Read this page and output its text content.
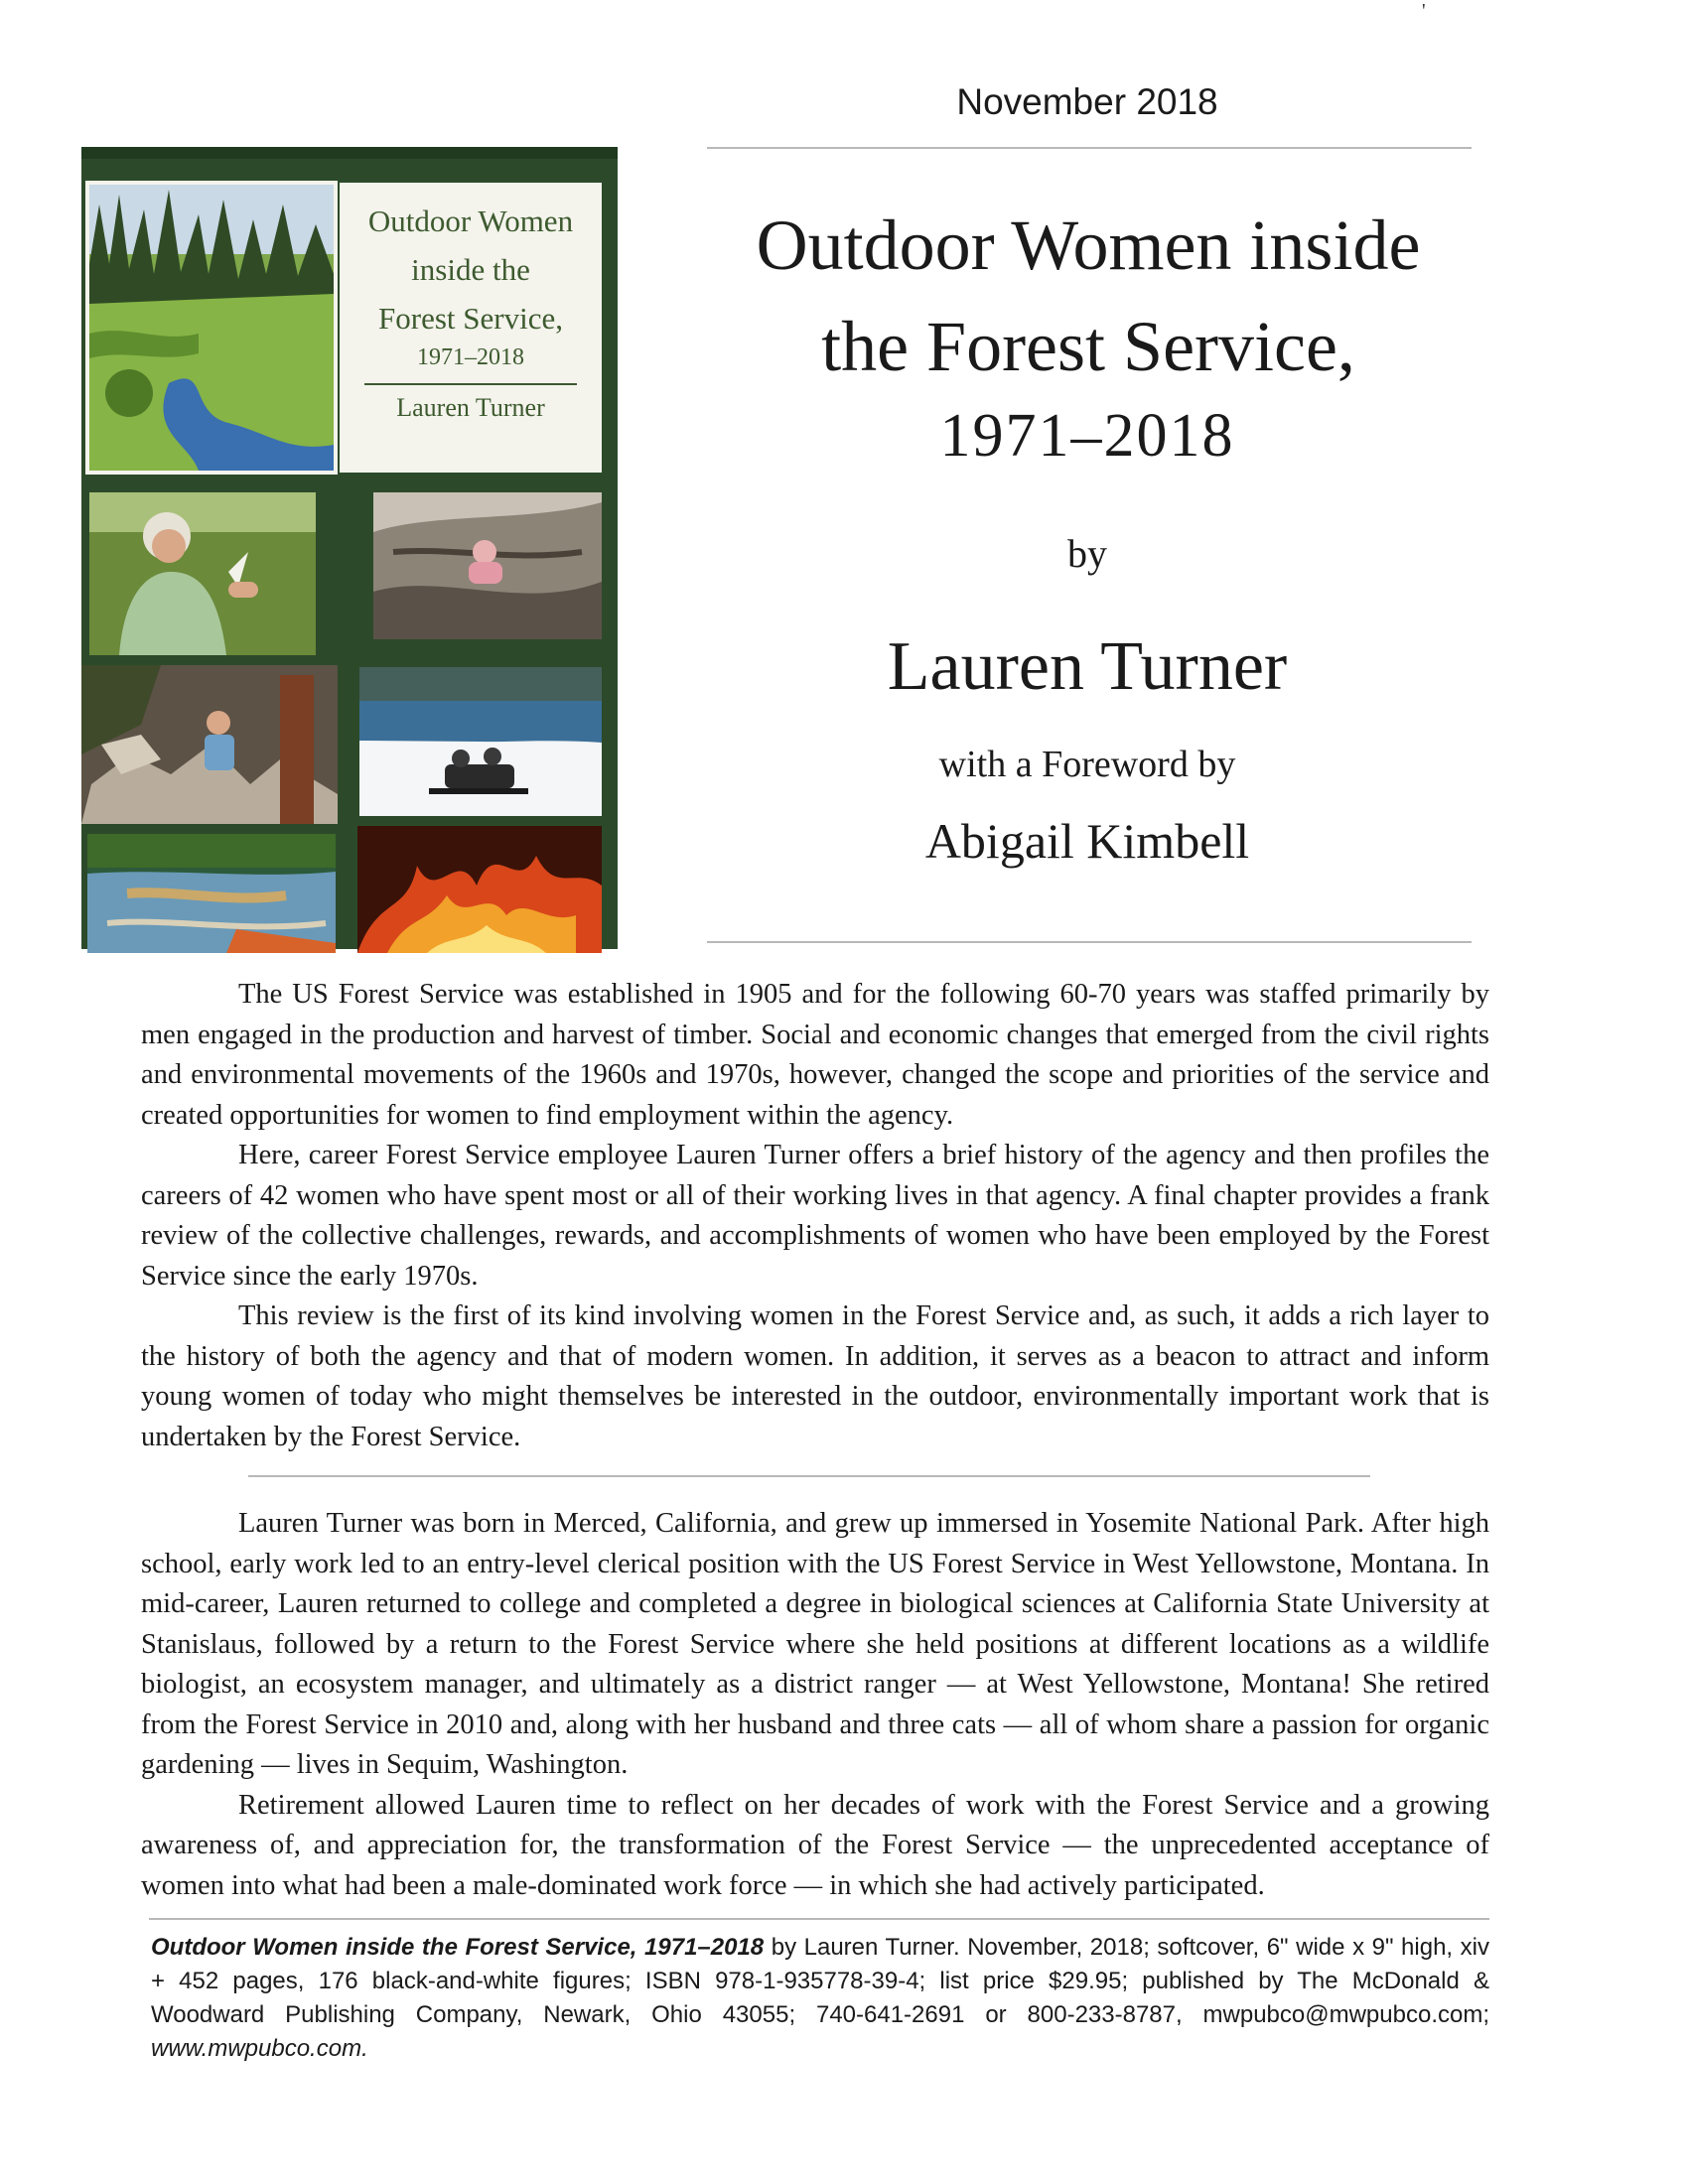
'
November 2018
Outdoor Women
inside the
Forest Service,
1971–2018
Lauren Turner
Outdoor Women inside
the Forest Service,
1971–2018
by
Lauren Turner
with a Foreword by
Abigail Kimbell

The US Forest Service was established in 1905 and for the following 60-70 years was staffed primarily by men engaged in the production and harvest of timber. Social and economic changes that emerged from the civil rights and environmental movements of the 1960s and 1970s, however, changed the scope and priorities of the service and created opportunities for women to find employment within the agency.

Here, career Forest Service employee Lauren Turner offers a brief history of the agency and then profiles the careers of 42 women who have spent most or all of their working lives in that agency. A final chapter provides a frank review of the collective challenges, rewards, and accomplishments of women who have been employed by the Forest Service since the early 1970s.

This review is the first of its kind involving women in the Forest Service and, as such, it adds a rich layer to the history of both the agency and that of modern women. In addition, it serves as a beacon to attract and inform young women of today who might themselves be interested in the outdoor, environmentally important work that is undertaken by the Forest Service.

Lauren Turner was born in Merced, California, and grew up immersed in Yosemite National Park. After high school, early work led to an entry-level clerical position with the US Forest Service in West Yellowstone, Montana. In mid-career, Lauren returned to college and completed a degree in biological sciences at California State University at Stanislaus, followed by a return to the Forest Service where she held positions at different locations as a wildlife biologist, an ecosystem manager, and ultimately as a district ranger — at West Yellowstone, Montana! She retired from the Forest Service in 2010 and, along with her husband and three cats — all of whom share a passion for organic gardening — lives in Sequim, Washington.

Retirement allowed Lauren time to reflect on her decades of work with the Forest Service and a growing awareness of, and appreciation for, the transformation of the Forest Service — the unprecedented acceptance of women into what had been a male-dominated work force — in which she had actively participated.

Outdoor Women inside the Forest Service, 1971–2018 by Lauren Turner. November, 2018; softcover, 6" wide x 9" high, xiv + 452 pages, 176 black-and-white figures; ISBN 978-1-935778-39-4; list price $29.95; published by The McDonald & Woodward Publishing Company, Newark, Ohio 43055; 740-641-2691 or 800-233-8787, mwpubco@mwpubco.com; www.mwpubco.com.
